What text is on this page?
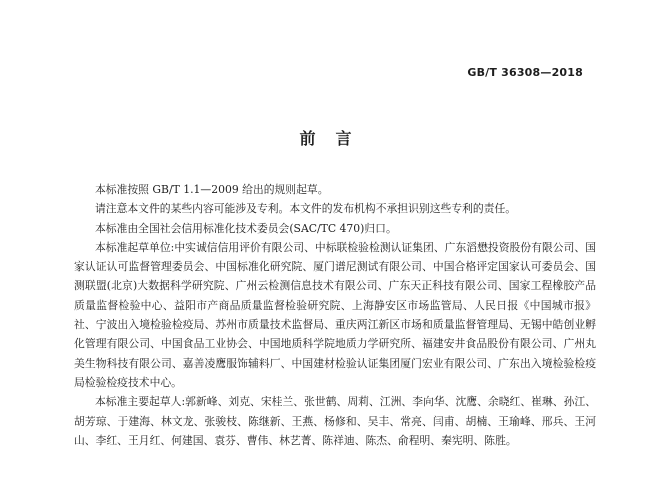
GB/T 36308—2018
前言

本标准按照 GB/T 1.1—2009 给出的规则起草。

请注意本文件的某些内容可能涉及专利。本文件的发布机构不承担识别这些专利的责任。

本标准由全国社会信用标准化技术委员会(SAC/TC 470)归口。

本标准起草单位:中实诚信信用评价有限公司、中标联检验检测认证集团、广东滔懋投资股份有限公司、国家认证认可监督管理委员会、中国标准化研究院、厦门谱尼测试有限公司、中国合格评定国家认可委员会、国测联盟(北京)大数据科学研究院、广州云检测信息技术有限公司、广东天正科技有限公司、国家工程橡胶产品质量监督检验中心、益阳市产商品质量监督检验研究院、上海静安区市场监管局、人民日报《中国城市报》社、宁波出入境检验检疫局、苏州市质量技术监督局、重庆两江新区市场和质量监督管理局、无锡中皓创业孵化管理有限公司、中国食品工业协会、中国地质科学院地质力学研究所、福建安井食品股份有限公司、广州丸美生物科技有限公司、嘉善凌鹰服饰辅料厂、中国建材检验认证集团厦门宏业有限公司、广东出入境检验检疫局检验检疫技术中心。

本标准主要起草人:郭新峰、刘克、宋桂兰、张世鹤、周莉、江洲、李向华、沈鹰、余晓红、崔琳、孙江、胡芳琼、于建海、林文龙、张骏枝、陈继新、王燕、杨修和、吴丰、常亮、闫甫、胡楠、王瑜峰、邢兵、王河山、李红、王月红、何建国、袁芬、曹伟、林艺菁、陈祥迪、陈杰、俞程明、秦宪明、陈胜。
